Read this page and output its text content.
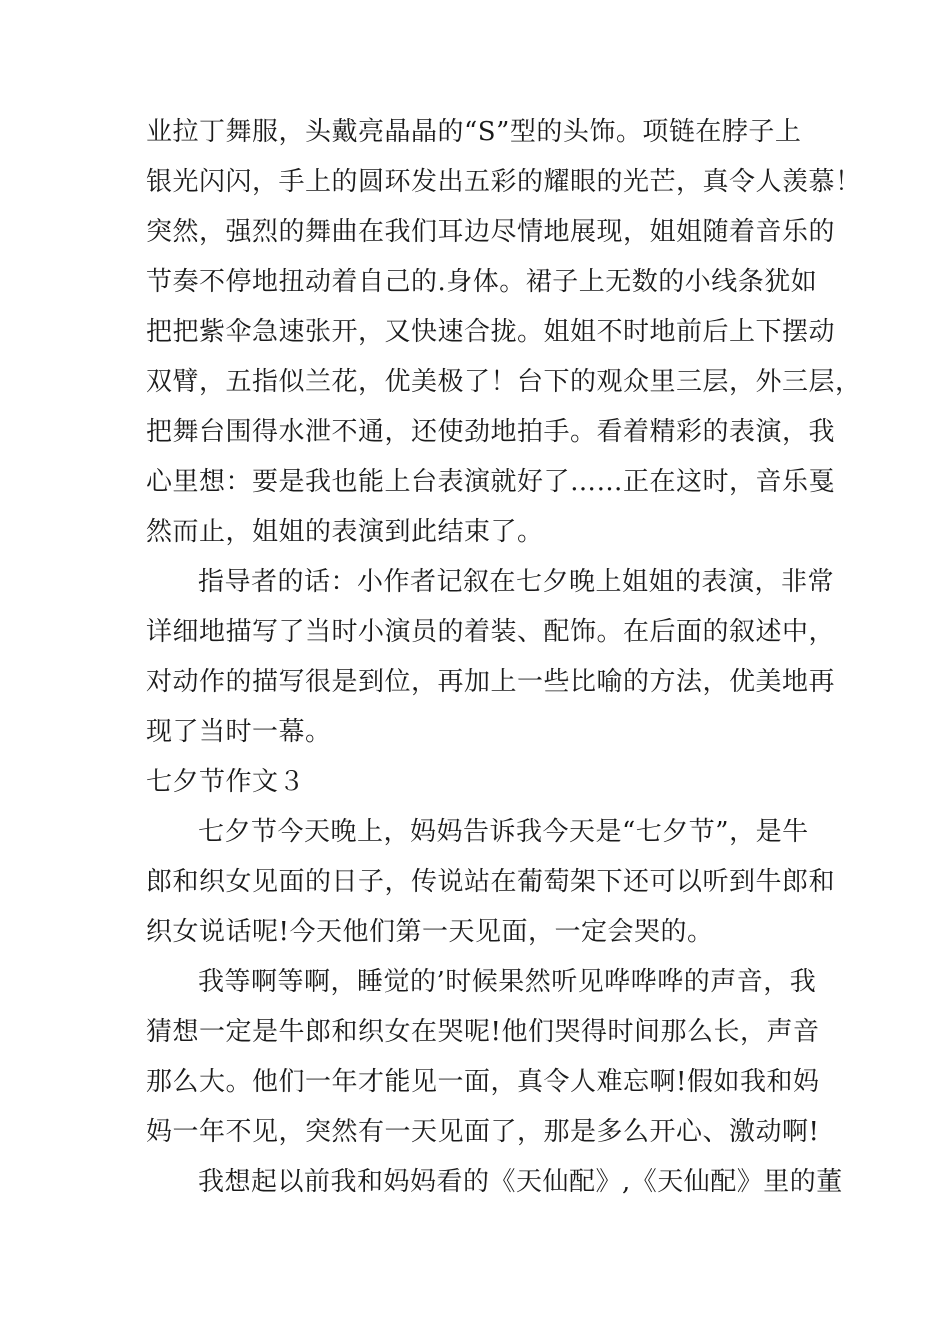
业拉丁舞服，头戴亮晶晶的“S”型的头饰。项链在脖子上
银光闪闪，手上的圆环发出五彩的耀眼的光芒，真令人羡慕！
突然，强烈的舞曲在我们耳边尽情地展现，姐姐随着音乐的
节奏不停地扭动着自己的.身体。裙子上无数的小线条犹如
把把紫伞急速张开，又快速合拢。姐姐不时地前后上下摆动
双臂，五指似兰花，优美极了！台下的观众里三层，外三层，
把舞台围得水泄不通，还使劲地拍手。看着精彩的表演，我
心里想：要是我也能上台表演就好了……正在这时，音乐戛
然而止，姐姐的表演到此结束了。
指导者的话：小作者记叙在七夕晚上姐姐的表演，非常
详细地描写了当时小演员的着装、配饰。在后面的叙述中，
对动作的描写很是到位，再加上一些比喻的方法，优美地再
现了当时一幕。
七夕节作文３
七夕节今天晚上，妈妈告诉我今天是“七夕节”，是牛
郎和织女见面的日子，传说站在葡萄架下还可以听到牛郎和
织女说话呢!今天他们第一天见面，一定会哭的。
我等啊等啊，睡觉的’时候果然听见哗哗哗的声音，我
猜想一定是牛郎和织女在哭呢!他们哭得时间那么长，声音
那么大。他们一年才能见一面，真令人难忘啊!假如我和妈
妈一年不见，突然有一天见面了，那是多么开心、激动啊!
我想起以前我和妈妈看的《天仙配》,《天仙配》里的董
